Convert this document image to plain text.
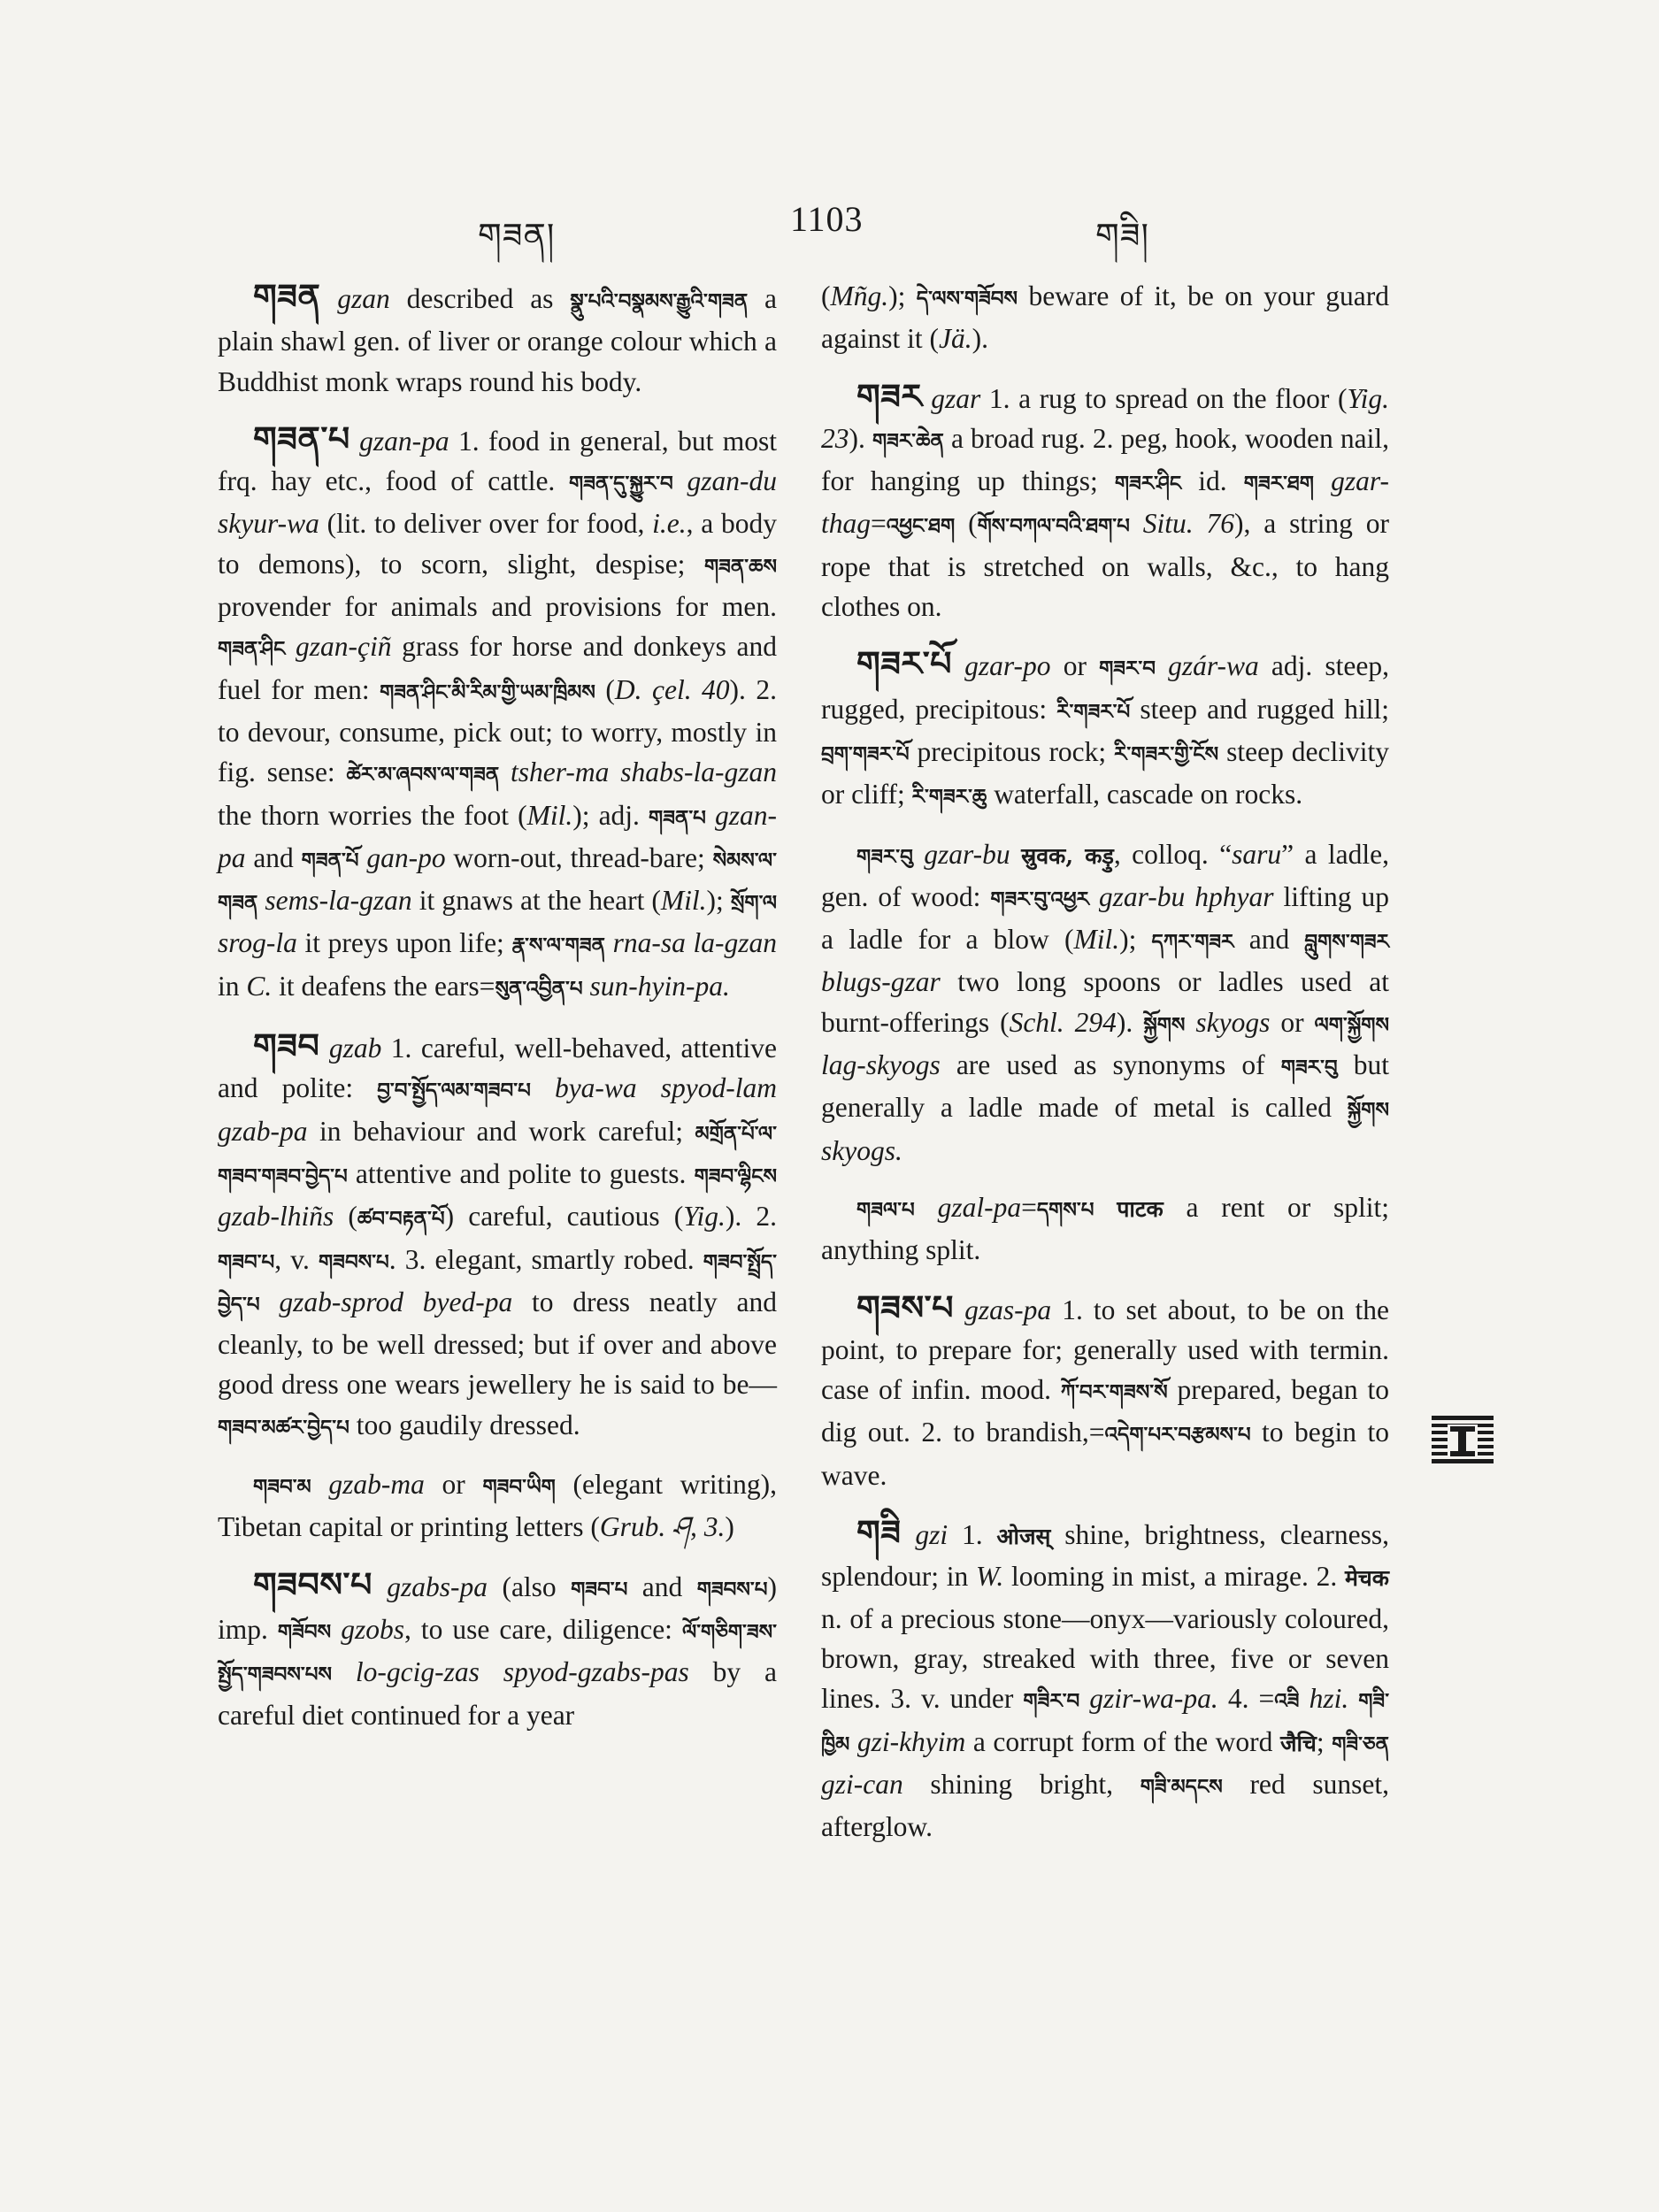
གཟན།	1103	གཟི།

གཟན gzan described as སྣུ་པའི་བསྣམས་རྒྱུའི་གཟན a plain shawl gen. of liver or orange colour which a Buddhist monk wraps round his body.

གཟན་པ gzan-pa 1. food in general, but most frq. hay etc., food of cattle. གཟན་དུ་སྐྱུར་བ gzan-du skyur-wa (lit. to deliver over for food, i.e., a body to demons), to scorn, slight, despise; གཟན་ཆས provender for animals and provisions for men. གཟན་ཤིང gzan-çiñ grass for horse and donkeys and fuel for men: གཟན་ཤིང་མི་རིམ་གྱི་ཡམ་ཁྲིམས (D. çel. 40). 2. to devour, consume, pick out; to worry, mostly in fig. sense: ཚེར་མ་ཞབས་ལ་གཟན tsher-ma shabs-la-gzan the thorn worries the foot (Mil.); adj. གཟན་པ gzan-pa and གཟན་པོ gan-po worn-out, thread-bare; སེམས་ལ་གཟན sems-la-gzan it gnaws at the heart (Mil.); སྲོག་ལ srog-la it preys upon life; རྣ་ས་ལ་གཟན rna-sa la-gzan in C. it deafens the ears=སུན་འབྱིན་པ sun-hyin-pa.

གཟབ gzab 1. careful, well-behaved, attentive and polite: བྱ་བ་སྤྱོད་ལམ་གཟབ་པ bya-wa spyod-lam gzab-pa in behaviour and work careful; མགྲོན་པོ་ལ་གཟབ་གཟབ་བྱེད་པ attentive and polite to guests. གཟབ་ལྷིངས gzab-lhiñs (ཚབ་བརྟན་པོ) careful, cautious (Yig.). 2. གཟབ་པ, v. གཟབས་པ. 3. elegant, smartly robed. གཟབ་སྤྲོད་བྱེད་པ gzab-sprod byed-pa to dress neatly and cleanly, to be well dressed; but if over and above good dress one wears jewellery he is said to be—གཟབ་མཚར་བྱེད་པ too gaudily dressed.

གཟབ་མ gzab-ma or གཟབ་ཡིག (elegant writing), Tibetan capital or printing letters (Grub. ཤ, 3.)

གཟབས་པ gzabs-pa (also གཟབ་པ and གཟབས་པ) imp. གཟོབས gzobs, to use care, diligence: ལོ་གཅིག་ཟས་སྤྱོད་གཟབས་པས lo-gcig-zas spyod-gzabs-pas by a careful diet continued for a year

(Mñg.); དེ་ལས་གཟོབས beware of it, be on your guard against it (Jä.).

གཟར gzar 1. a rug to spread on the floor (Yig. 23). གཟར་ཆེན a broad rug. 2. peg, hook, wooden nail, for hanging up things; གཟར་ཤིང id. གཟར་ཐག gzar-thag=འཕྱང་ཐག (གོས་བཀལ་བའི་ཐག་པ Situ. 76), a string or rope that is stretched on walls, &c., to hang clothes on.

གཟར་པོ gzar-po or གཟར་བ gzár-wa adj. steep, rugged, precipitous: རི་གཟར་པོ steep and rugged hill; བྲག་གཟར་པོ precipitous rock; རི་གཟར་གྱི་ངོས steep declivity or cliff; རི་གཟར་ཆུ waterfall, cascade on rocks.

གཟར་བུ gzar-bu स्रुवक, कड़ु, colloq. “saru” a ladle, gen. of wood: གཟར་བུ་འཕྱར gzar-bu hphyar lifting up a ladle for a blow (Mil.); དཀར་གཟར and བླུགས་གཟར blugs-gzar two long spoons or ladles used at burnt-offerings (Schl. 294). སྐྱོགས skyogs or ལག་སྐྱོགས lag-skyogs are used as synonyms of གཟར་བུ but generally a ladle made of metal is called སྐྱོགས skyogs.

གཟལ་པ gzal-pa=དགས་པ पाटक a rent or split; anything split.

གཟས་པ gzas-pa 1. to set about, to be on the point, to prepare for; generally used with termin. case of infin. mood. ཀོ་བར་གཟས་སོ prepared, began to dig out. 2. to brandish,=འདེག་པར་བརྩམས་པ to begin to wave.

གཟི gzi 1. ओजस् shine, brightness, clearness, splendour; in W. looming in mist, a mirage. 2. मेचक n. of a precious stone—onyx—variously coloured, brown, gray, streaked with three, five or seven lines. 3. v. under གཟིར་བ gzir-wa-pa. 4. =འཟི hzi. གཟི་ཁྱིམ gzi-khyim a corrupt form of the word जैचि; གཟི་ཅན gzi-can shining bright, གཟི་མདངས red sunset, afterglow.
